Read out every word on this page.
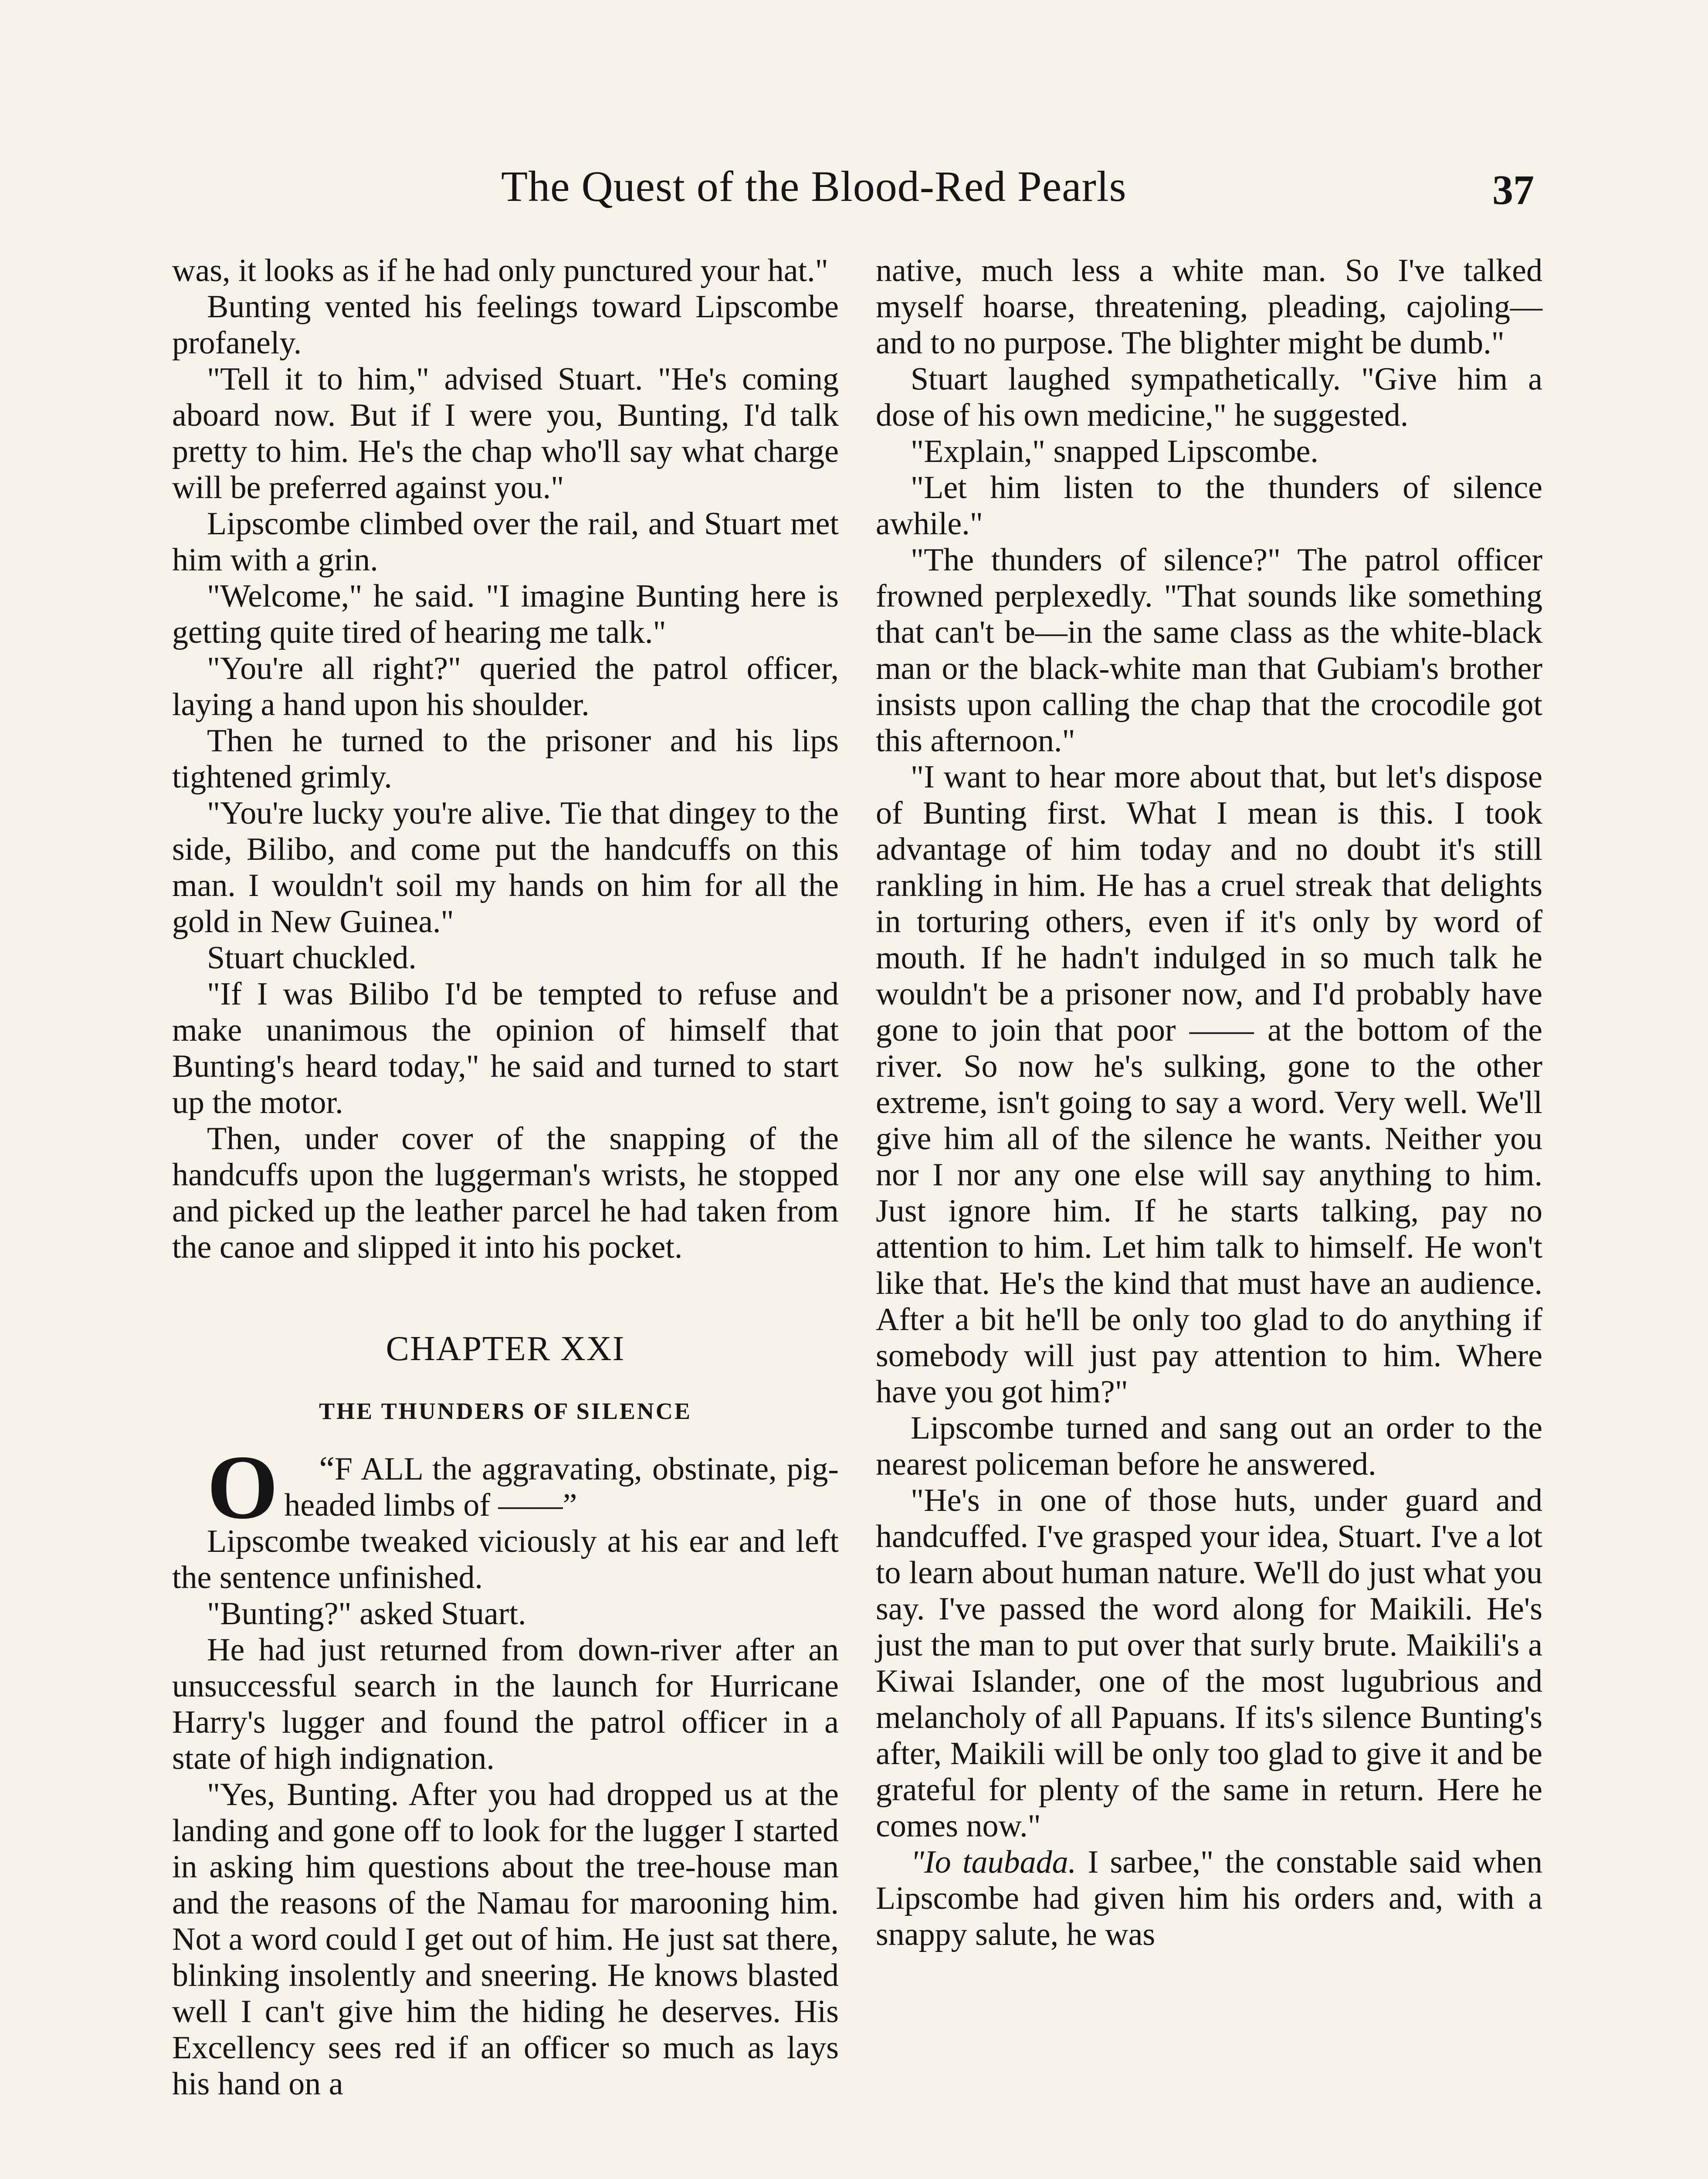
The Quest of the Blood-Red Pearls	37

was, it looks as if he had only punctured your hat."

Bunting vented his feelings toward Lipscombe profanely.

"Tell it to him," advised Stuart. "He's coming aboard now. But if I were you, Bunting, I'd talk pretty to him. He's the chap who'll say what charge will be preferred against you."

Lipscombe climbed over the rail, and Stuart met him with a grin.

"Welcome," he said. "I imagine Bunting here is getting quite tired of hearing me talk."

"You're all right?" queried the patrol officer, laying a hand upon his shoulder.

Then he turned to the prisoner and his lips tightened grimly.

"You're lucky you're alive. Tie that dingey to the side, Bilibo, and come put the handcuffs on this man. I wouldn't soil my hands on him for all the gold in New Guinea."

Stuart chuckled.

"If I was Bilibo I'd be tempted to refuse and make unanimous the opinion of himself that Bunting's heard today," he said and turned to start up the motor.

Then, under cover of the snapping of the handcuffs upon the luggerman's wrists, he stopped and picked up the leather parcel he had taken from the canoe and slipped it into his pocket.

CHAPTER XXI
THE THUNDERS OF SILENCE

“
O F ALL the aggravating, obstinate, pig-headed limbs of ——”

Lipscombe tweaked viciously at his ear and left the sentence unfinished.

"Bunting?" asked Stuart.

He had just returned from down-river after an unsuccessful search in the launch for Hurricane Harry's lugger and found the patrol officer in a state of high indignation.

"Yes, Bunting. After you had dropped us at the landing and gone off to look for the lugger I started in asking him questions about the tree-house man and the reasons of the Namau for marooning him. Not a word could I get out of him. He just sat there, blinking insolently and sneering. He knows blasted well I can't give him the hiding he deserves. His Excellency sees red if an officer so much as lays his hand on a

native, much less a white man. So I've talked myself hoarse, threatening, pleading, cajoling—and to no purpose. The blighter might be dumb."

Stuart laughed sympathetically. "Give him a dose of his own medicine," he suggested.

"Explain," snapped Lipscombe.

"Let him listen to the thunders of silence awhile."

"The thunders of silence?" The patrol officer frowned perplexedly. "That sounds like something that can't be—in the same class as the white-black man or the black-white man that Gubiam's brother insists upon calling the chap that the crocodile got this afternoon."

"I want to hear more about that, but let's dispose of Bunting first. What I mean is this. I took advantage of him today and no doubt it's still rankling in him. He has a cruel streak that delights in torturing others, even if it's only by word of mouth. If he hadn't indulged in so much talk he wouldn't be a prisoner now, and I'd probably have gone to join that poor —— at the bottom of the river. So now he's sulking, gone to the other extreme, isn't going to say a word. Very well. We'll give him all of the silence he wants. Neither you nor I nor any one else will say anything to him. Just ignore him. If he starts talking, pay no attention to him. Let him talk to himself. He won't like that. He's the kind that must have an audience. After a bit he'll be only too glad to do anything if somebody will just pay attention to him. Where have you got him?"

Lipscombe turned and sang out an order to the nearest policeman before he answered.

"He's in one of those huts, under guard and handcuffed. I've grasped your idea, Stuart. I've a lot to learn about human nature. We'll do just what you say. I've passed the word along for Maikili. He's just the man to put over that surly brute. Maikili's a Kiwai Islander, one of the most lugubrious and melancholy of all Papuans. If its's silence Bunting's after, Maikili will be only too glad to give it and be grateful for plenty of the same in return. Here he comes now."

"Io taubada. I sarbee," the constable said when Lipscombe had given him his orders and, with a snappy salute, he was
